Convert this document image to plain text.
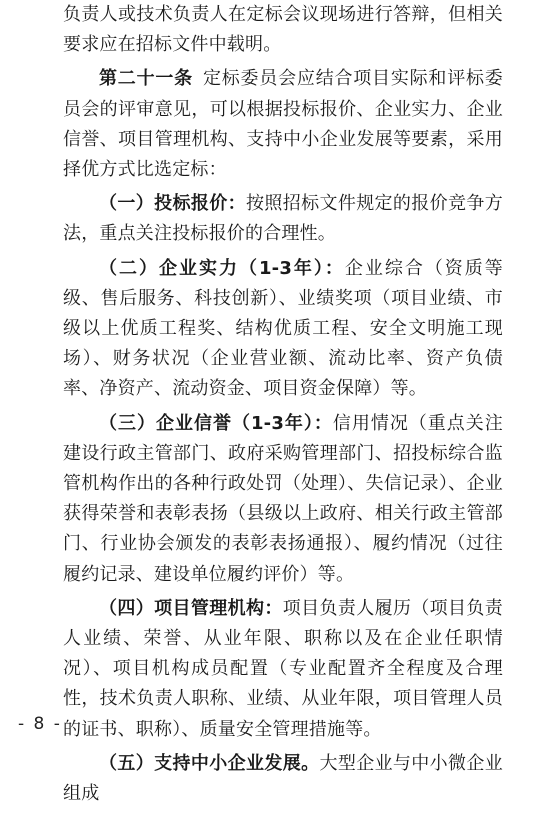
负责人或技术负责人在定标会议现场进行答辩，但相关要求应在招标文件中载明。

第二十一条 定标委员会应结合项目实际和评标委员会的评审意见，可以根据投标报价、企业实力、企业信誉、项目管理机构、支持中小企业发展等要素，采用择优方式比选定标：

（一）投标报价：按照招标文件规定的报价竞争方法，重点关注投标报价的合理性。

（二）企业实力（1-3年）：企业综合（资质等级、售后服务、科技创新）、业绩奖项（项目业绩、市级以上优质工程奖、结构优质工程、安全文明施工现场）、财务状况（企业营业额、流动比率、资产负债率、净资产、流动资金、项目资金保障）等。

（三）企业信誉（1-3年）：信用情况（重点关注建设行政主管部门、政府采购管理部门、招投标综合监管机构作出的各种行政处罚（处理）、失信记录）、企业获得荣誉和表彰表扬（县级以上政府、相关行政主管部门、行业协会颁发的表彰表扬通报）、履约情况（过往履约记录、建设单位履约评价）等。

（四）项目管理机构：项目负责人履历（项目负责人业绩、荣誉、从业年限、职称以及在企业任职情况）、项目机构成员配置（专业配置齐全程度及合理性，技术负责人职称、业绩、从业年限，项目管理人员的证书、职称）、质量安全管理措施等。

（五）支持中小企业发展。大型企业与中小微企业组成

- 8 -
